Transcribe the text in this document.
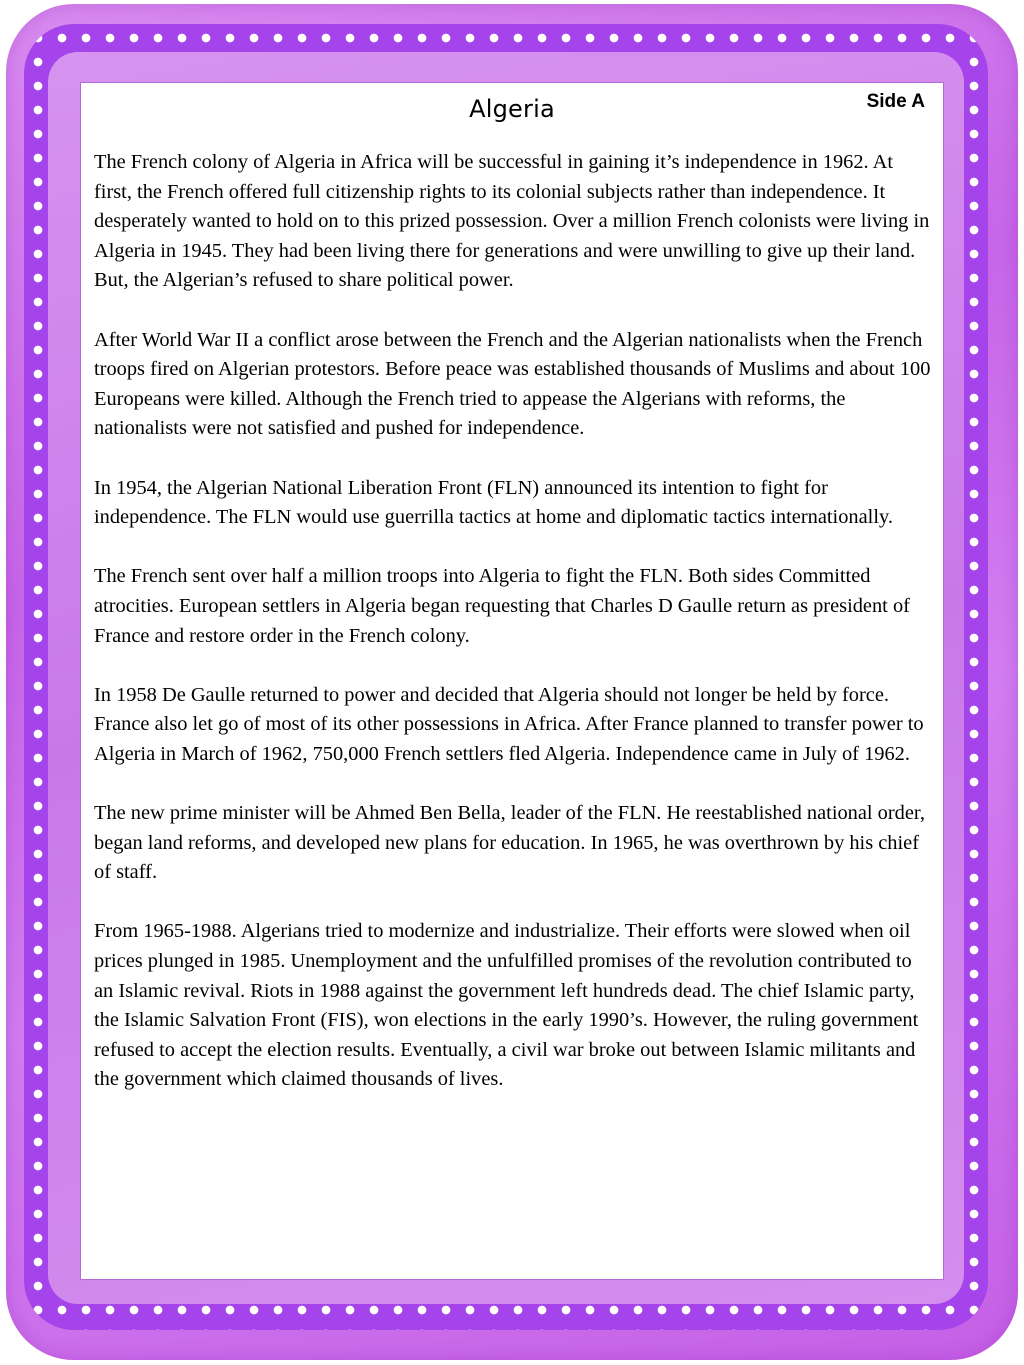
Side A
Algeria

The French colony of Algeria in Africa will be successful in gaining it’s independence in 1962. At first, the French offered full citizenship rights to its colonial subjects rather than independence. It desperately wanted to hold on to this prized possession. Over a million French colonists were living in Algeria in 1945. They had been living there for generations and were unwilling to give up their land. But, the Algerian’s refused to share political power.

After World War II a conflict arose between the French and the Algerian nationalists when the French troops fired on Algerian protestors. Before peace was established thousands of Muslims and about 100 Europeans were killed. Although the French tried to appease the Algerians with reforms, the nationalists were not satisfied and pushed for independence.

In 1954, the Algerian National Liberation Front (FLN) announced its intention to fight for independence. The FLN would use guerrilla tactics at home and diplomatic tactics internationally.

The French sent over half a million troops into Algeria to fight the FLN. Both sides Committed atrocities. European settlers in Algeria began requesting that Charles D Gaulle return as president of France and restore order in the French colony.

In 1958 De Gaulle returned to power and decided that Algeria should not longer be held by force. France also let go of most of its other possessions in Africa. After France planned to transfer power to Algeria in March of 1962, 750,000 French settlers fled Algeria. Independence came in July of 1962.

The new prime minister will be Ahmed Ben Bella, leader of the FLN. He reestablished national order, began land reforms, and developed new plans for education. In 1965, he was overthrown by his chief of staff.

From 1965-1988. Algerians tried to modernize and industrialize. Their efforts were slowed when oil prices plunged in 1985. Unemployment and the unfulfilled promises of the revolution contributed to an Islamic revival. Riots in 1988 against the government left hundreds dead. The chief Islamic party, the Islamic Salvation Front (FIS), won elections in the early 1990’s. However, the ruling government refused to accept the election results. Eventually, a civil war broke out between Islamic militants and the government which claimed thousands of lives.
